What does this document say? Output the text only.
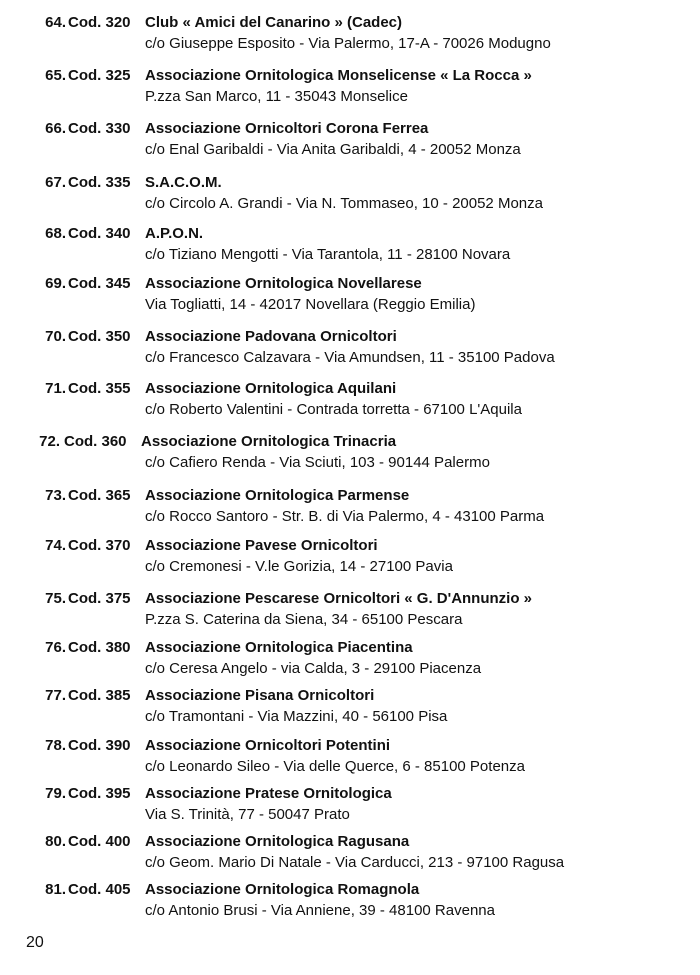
64. Cod. 320 Club « Amici del Canarino » (Cadec)
c/o Giuseppe Esposito - Via Palermo, 17-A - 70026 Modugno
65. Cod. 325 Associazione Ornitologica Monselicense « La Rocca »
P.zza San Marco, 11 - 35043 Monselice
66. Cod. 330 Associazione Ornicoltori Corona Ferrea
c/o Enal Garibaldi - Via Anita Garibaldi, 4 - 20052 Monza
67. Cod. 335 S.A.C.O.M.
c/o Circolo A. Grandi - Via N. Tommaseo, 10 - 20052 Monza
68. Cod. 340 A.P.O.N.
c/o Tiziano Mengotti - Via Tarantola, 11 - 28100 Novara
69. Cod. 345 Associazione Ornitologica Novellarese
Via Togliatti, 14 - 42017 Novellara (Reggio Emilia)
70. Cod. 350 Associazione Padovana Ornicoltori
c/o Francesco Calzavara - Via Amundsen, 11 - 35100 Padova
71. Cod. 355 Associazione Ornitologica Aquilani
c/o Roberto Valentini - Contrada torretta - 67100 L'Aquila
72. Cod. 360 Associazione Ornitologica Trinacria
c/o Cafiero Renda - Via Sciuti, 103 - 90144 Palermo
73. Cod. 365 Associazione Ornitologica Parmense
c/o Rocco Santoro - Str. B. di Via Palermo, 4 - 43100 Parma
74. Cod. 370 Associazione Pavese Ornicoltori
c/o Cremonesi - V.le Gorizia, 14 - 27100 Pavia
75. Cod. 375 Associazione Pescarese Ornicoltori « G. D'Annunzio »
P.zza S. Caterina da Siena, 34 - 65100 Pescara
76. Cod. 380 Associazione Ornitologica Piacentina
c/o Ceresa Angelo - via Calda, 3 - 29100 Piacenza
77. Cod. 385 Associazione Pisana Ornicoltori
c/o Tramontani - Via Mazzini, 40 - 56100 Pisa
78. Cod. 390 Associazione Ornicoltori Potentini
c/o Leonardo Sileo - Via delle Querce, 6 - 85100 Potenza
79. Cod. 395 Associazione Pratese Ornitologica
Via S. Trinità, 77 - 50047 Prato
80. Cod. 400 Associazione Ornitologica Ragusana
c/o Geom. Mario Di Natale - Via Carducci, 213 - 97100 Ragusa
81. Cod. 405 Associazione Ornitologica Romagnola
c/o Antonio Brusi - Via Anniene, 39 - 48100 Ravenna
20
